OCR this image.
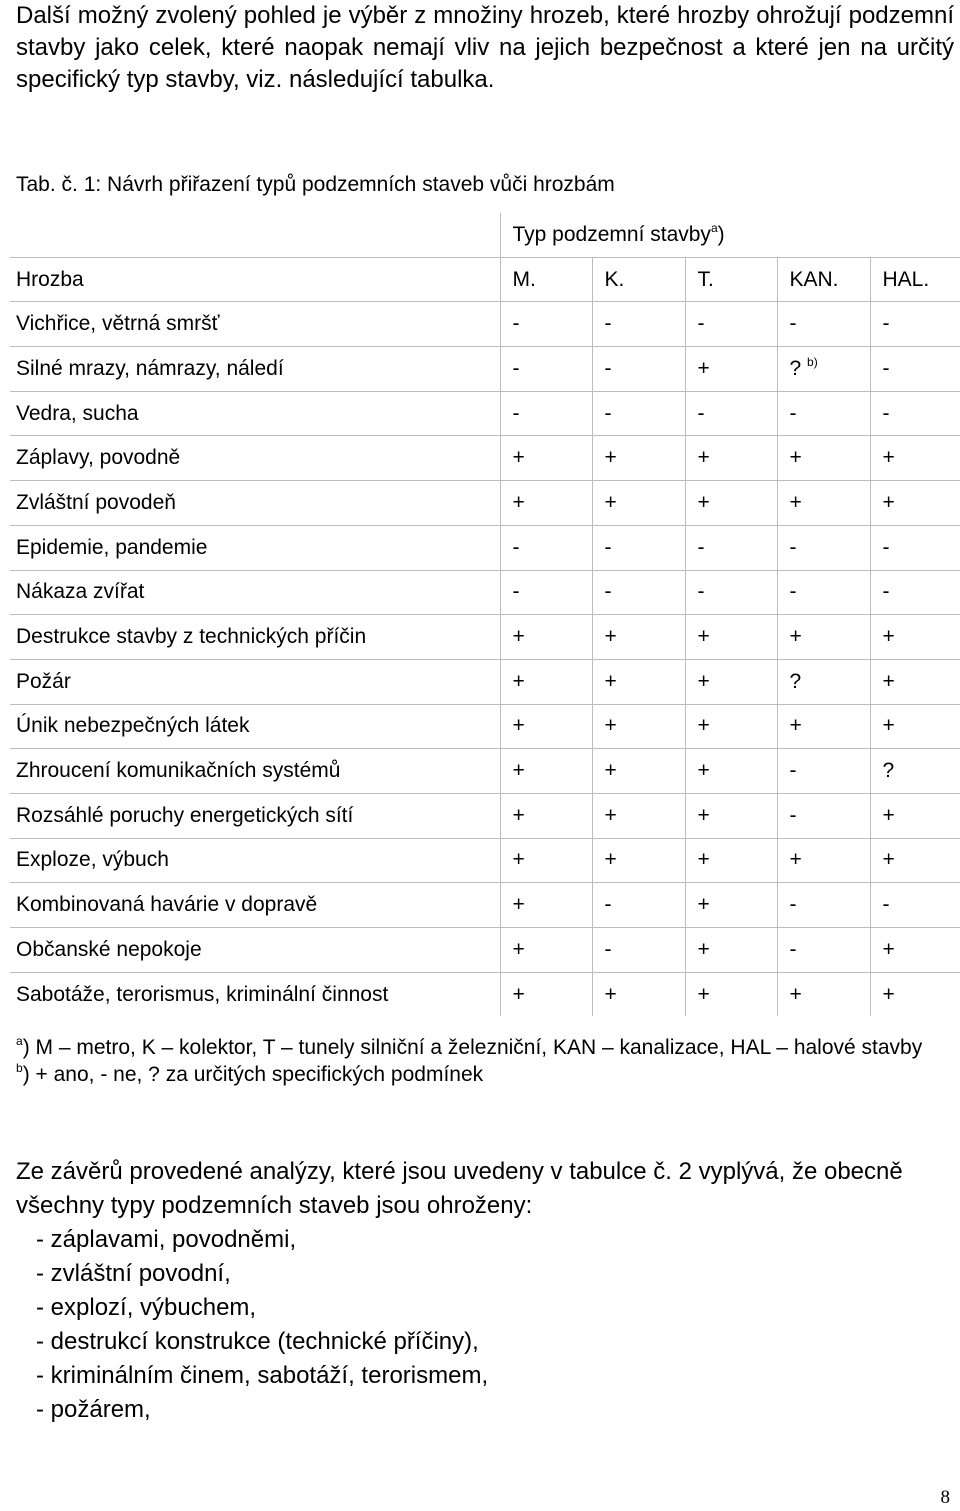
Další možný zvolený pohled je výběr z množiny hrozeb, které hrozby ohrožují podzemní stavby jako celek, které naopak nemají vliv na jejich bezpečnost a které jen na určitý specifický typ stavby, viz. následující tabulka.

Tab. č. 1: Návrh přiřazení typů podzemních staveb vůči hrozbám

	Typ podzemní stavby$^a$)				
Hrozba	M.	K.	T.	KAN.	HAL.
Vichřice, větrná smršť	-	-	-	-	-
Silné mrazy, námrazy, náledí	-	-	+	? $^{b)}$	-
Vedra, sucha	-	-	-	-	-
Záplavy, povodně	+	+	+	+	+
Zvláštní povodeň	+	+	+	+	+
Epidemie, pandemie	-	-	-	-	-
Nákaza zvířat	-	-	-	-	-
Destrukce stavby z technických příčin	+	+	+	+	+
Požár	+	+	+	?	+
Únik nebezpečných látek	+	+	+	+	+
Zhroucení komunikačních systémů	+	+	+	-	?
Rozsáhlé poruchy energetických sítí	+	+	+	-	+
Exploze, výbuch	+	+	+	+	+
Kombinovaná havárie v dopravě	+	-	+	-	-
Občanské nepokoje	+	-	+	-	+
Sabotáže, terorismus, kriminální činnost	+	+	+	+	+
$^a$) M – metro, K – kolektor, T – tunely silniční a železniční, KAN – kanalizace, HAL – halové stavby
$^b$) + ano, - ne, ? za určitých specifických podmínek
Ze závěrů provedené analýzy, které jsou uvedeny v tabulce č. 2 vyplývá, že obecně všechny typy podzemních staveb jsou ohroženy:
- záplavami, povodněmi,
- zvláštní povodní,
- explozí, výbuchem,
- destrukcí konstrukce (technické příčiny),
- kriminálním činem, sabotáží, terorismem,
- požárem,
8
